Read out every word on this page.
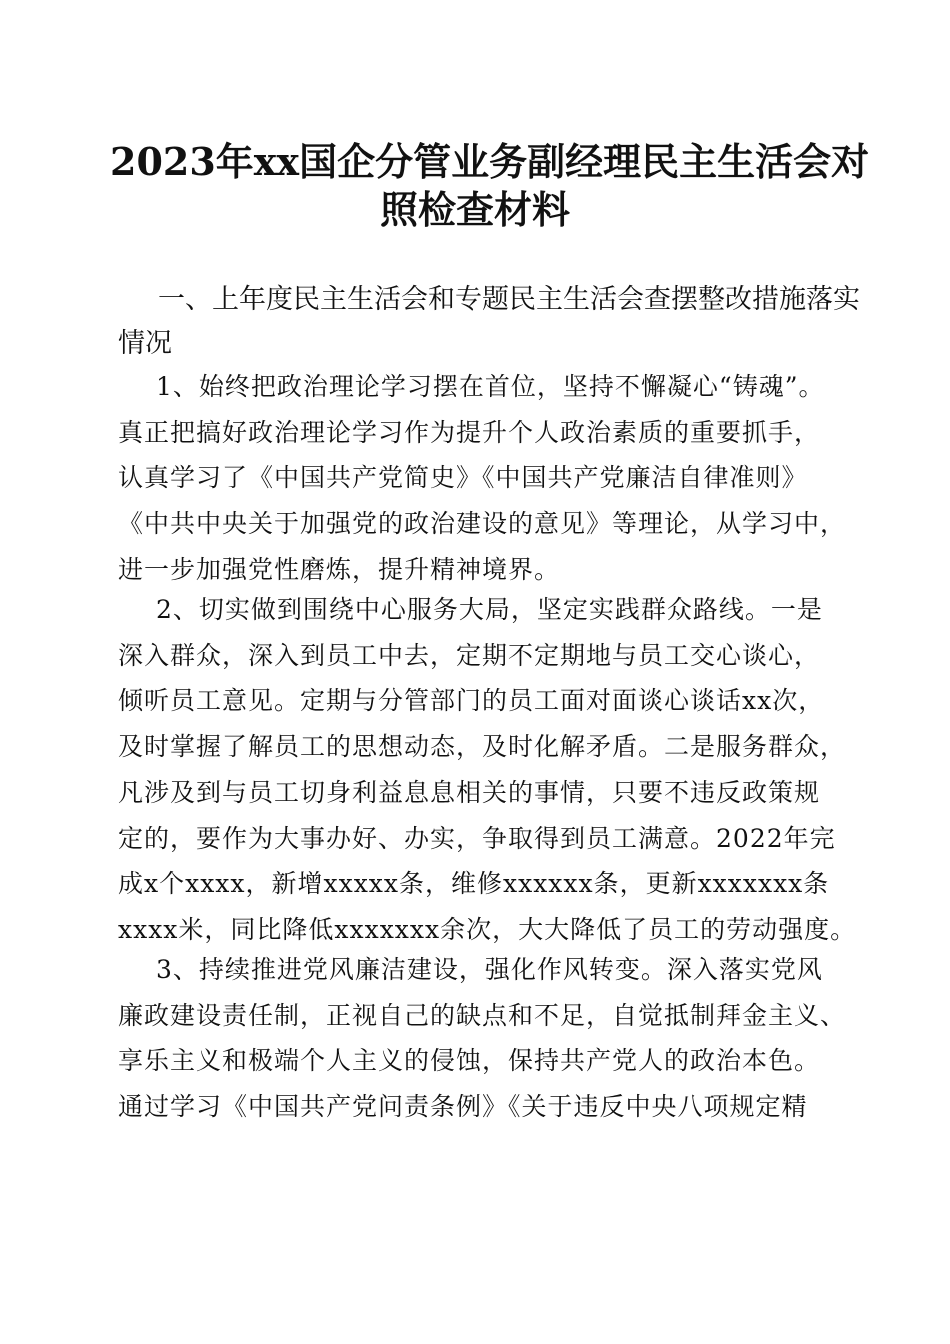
2023年xx国企分管业务副经理民主生活会对
照检查材料
一、上年度民主生活会和专题民主生活会查摆整改措施落实
情况
1、始终把政治理论学习摆在首位，坚持不懈凝心“铸魂”。
真正把搞好政治理论学习作为提升个人政治素质的重要抓手，
认真学习了《中国共产党简史》《中国共产党廉洁自律准则》
《中共中央关于加强党的政治建设的意见》等理论，从学习中，
进一步加强党性磨炼，提升精神境界。
2、切实做到围绕中心服务大局，坚定实践群众路线。一是
深入群众，深入到员工中去，定期不定期地与员工交心谈心，
倾听员工意见。定期与分管部门的员工面对面谈心谈话xx次，
及时掌握了解员工的思想动态，及时化解矛盾。二是服务群众，
凡涉及到与员工切身利益息息相关的事情，只要不违反政策规
定的，要作为大事办好、办实，争取得到员工满意。2022年完
成x个xxxx，新增xxxxx条，维修xxxxxx条，更新xxxxxxx条
xxxx米，同比降低xxxxxxx余次，大大降低了员工的劳动强度。
3、持续推进党风廉洁建设，强化作风转变。深入落实党风
廉政建设责任制，正视自己的缺点和不足，自觉抵制拜金主义、
享乐主义和极端个人主义的侵蚀，保持共产党人的政治本色。
通过学习《中国共产党问责条例》《关于违反中央八项规定精
